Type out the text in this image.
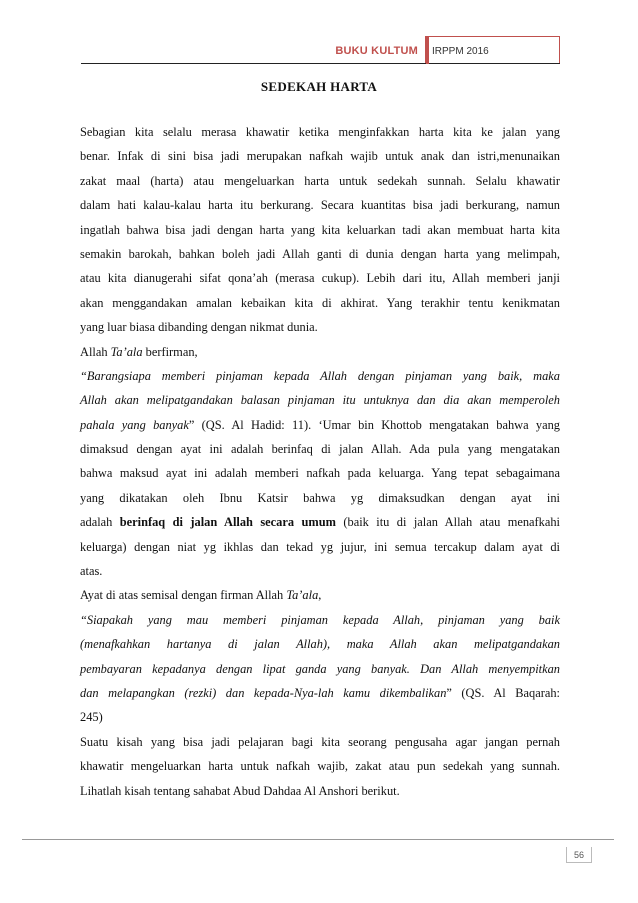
BUKU KULTUM IRPPM 2016
SEDEKAH HARTA
Sebagian kita selalu merasa khawatir ketika menginfakkan harta kita ke jalan yang
benar. Infak di sini bisa jadi merupakan nafkah wajib untuk anak dan istri,menunaikan
zakat maal (harta) atau mengeluarkan harta untuk sedekah sunnah. Selalu khawatir
dalam hati kalau-kalau harta itu berkurang. Secara kuantitas bisa jadi berkurang, namun
ingatlah bahwa bisa jadi dengan harta yang kita keluarkan tadi akan membuat harta kita
semakin barokah, bahkan boleh jadi Allah ganti di dunia dengan harta yang melimpah,
atau kita dianugerahi sifat qona’ah (merasa cukup). Lebih dari itu, Allah memberi janji
akan menggandakan amalan kebaikan kita di akhirat. Yang terakhir tentu kenikmatan
yang luar biasa dibanding dengan nikmat dunia.
Allah Ta’ala berfirman,
“Barangsiapa memberi pinjaman kepada Allah dengan pinjaman yang baik, maka
Allah akan melipatgandakan balasan pinjaman itu untuknya dan dia akan memperoleh
pahala yang banyak” (QS. Al Hadid: 11). ‘Umar bin Khottob mengatakan bahwa yang
dimaksud dengan ayat ini adalah berinfaq di jalan Allah. Ada pula yang mengatakan
bahwa maksud ayat ini adalah memberi nafkah pada keluarga. Yang tepat sebagaimana
yang dikatakan oleh Ibnu Katsir bahwa yg dimaksudkan dengan ayat ini
adalah berinfaq di jalan Allah secara umum (baik itu di jalan Allah atau menafkahi
keluarga) dengan niat yg ikhlas dan tekad yg jujur, ini semua tercakup dalam ayat di
atas.
Ayat di atas semisal dengan firman Allah Ta’ala,
“Siapakah yang mau memberi pinjaman kepada Allah, pinjaman yang baik
(menafkahkan hartanya di jalan Allah), maka Allah akan melipatgandakan
pembayaran kepadanya dengan lipat ganda yang banyak. Dan Allah menyempitkan
dan melapangkan (rezki) dan kepada-Nya-lah kamu dikembalikan” (QS. Al Baqarah:
245)
Suatu kisah yang bisa jadi pelajaran bagi kita seorang pengusaha agar jangan pernah
khawatir mengeluarkan harta untuk nafkah wajib, zakat atau pun sedekah yang sunnah.
Lihatlah kisah tentang sahabat Abud Dahdaa Al Anshori berikut.
56
